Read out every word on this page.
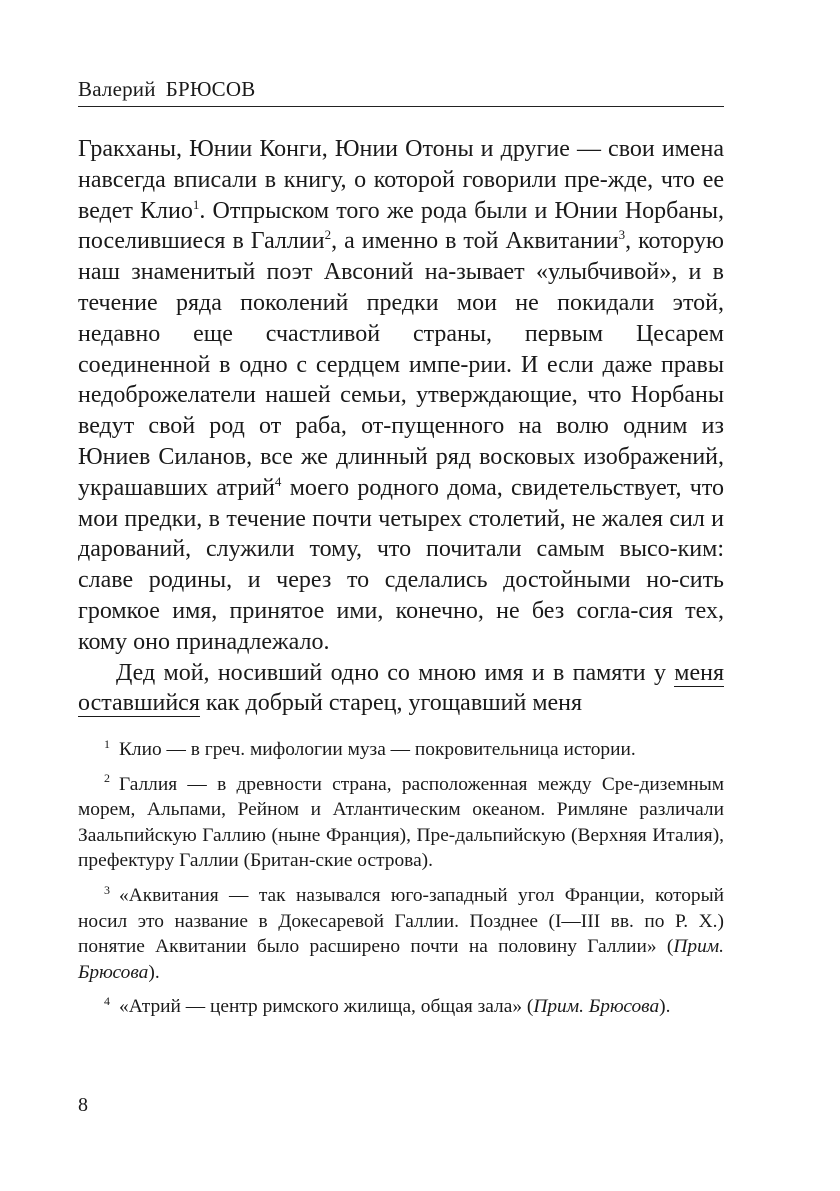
Валерий БРЮСОВ

Гракханы, Юнии Конги, Юнии Отоны и другие — свои имена навсегда вписали в книгу, о которой говорили пре-жде, что ее ведет Клио$^1$. Отпрыском того же рода были и Юнии Норбаны, поселившиеся в Галлии$^2$, а именно в той Аквитании$^3$, которую наш знаменитый поэт Авсоний на-зывает «улыбчивой», и в течение ряда поколений предки мои не покидали этой, недавно еще счастливой страны, первым Цесарем соединенной в одно с сердцем импе-рии. И если даже правы недоброжелатели нашей семьи, утверждающие, что Норбаны ведут свой род от раба, от-пущенного на волю одним из Юниев Силанов, все же длинный ряд восковых изображений, украшавших атрий$^4$ моего родного дома, свидетельствует, что мои предки, в течение почти четырех столетий, не жалея сил и дарований, служили тому, что почитали самым высо-ким: славе родины, и через то сделались достойными но-сить громкое имя, принятое ими, конечно, не без согла-сия тех, кому оно принадлежало.

Дед мой, носивший одно со мною имя и в памяти у меня оставшийся как добрый старец, угощавший меня

$^1$ Клио — в греч. мифологии муза — покровительница истории.

$^2$ Галлия — в древности страна, расположенная между Сре-диземным морем, Альпами, Рейном и Атлантическим океаном. Римляне различали Заальпийскую Галлию (ныне Франция), Пре-дальпийскую (Верхняя Италия), префектуру Галлии (Британ-ские острова).

$^3$ «Аквитания — так назывался юго-западный угол Франции, который носил это название в Докесаревой Галлии. Позднее (I—III вв. по Р. Х.) понятие Аквитании было расширено почти на половину Галлии» (Прим. Брюсова).

$^4$ «Атрий — центр римского жилища, общая зала» (Прим. Брюсова).

8
